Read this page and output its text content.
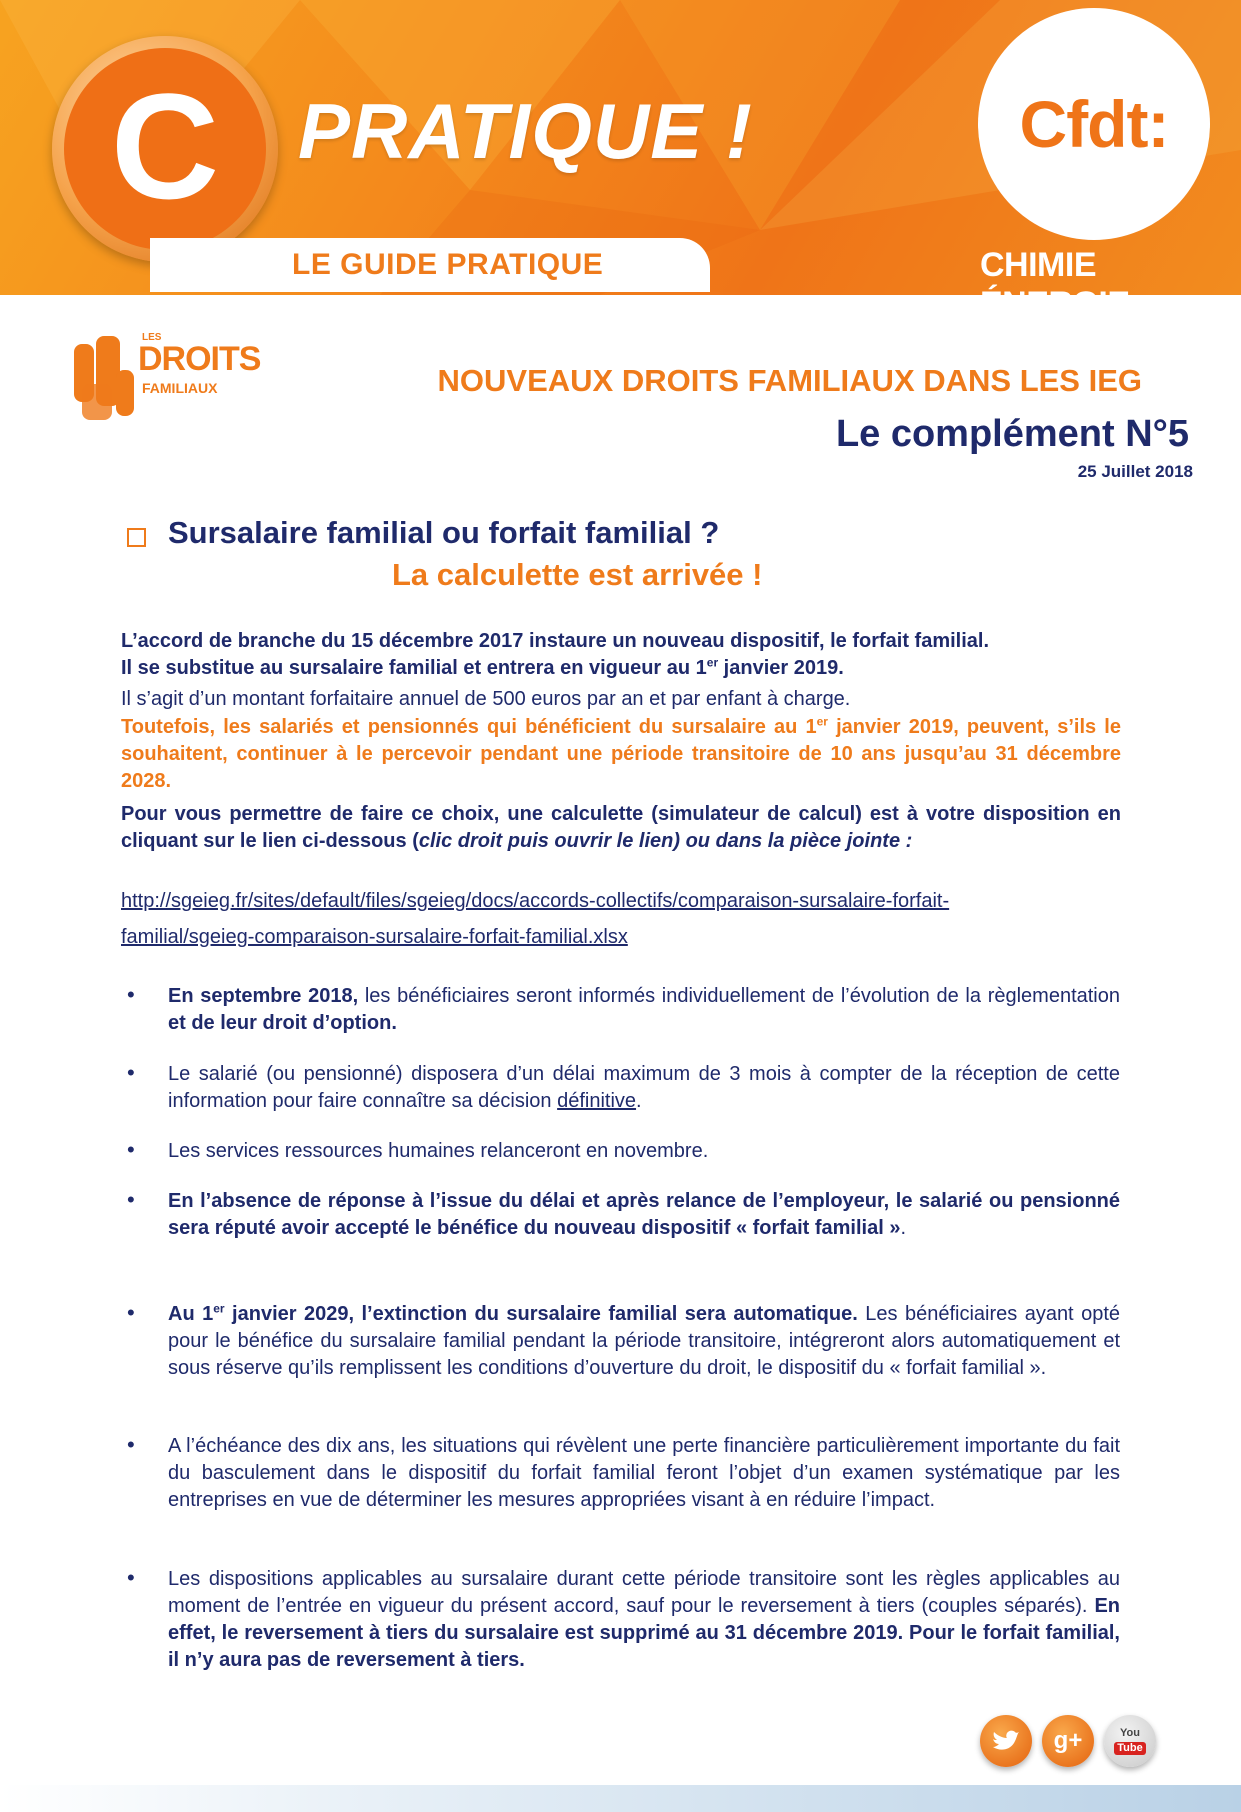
C PRATIQUE !
LE GUIDE PRATIQUE
Cfdt:
CHIMIE ÉNERGIE
LES
DROITS
FAMILIAUX	NOUVEAUX DROITS FAMILIAUX DANS LES IEG
Le complément N°5
25 Juillet 2018
Sursalaire familial ou forfait familial ?
La calculette est arrivée !

L’accord de branche du 15 décembre 2017 instaure un nouveau dispositif, le forfait familial.

Il se substitue au sursalaire familial et entrera en vigueur au 1er janvier 2019.

Il s’agit d’un montant forfaitaire annuel de 500 euros par an et par enfant à charge.

Toutefois, les salariés et pensionnés qui bénéficient du sursalaire au 1er janvier 2019, peuvent, s’ils le souhaitent, continuer à le percevoir pendant une période transitoire de 10 ans jusqu’au 31 décembre 2028.

Pour vous permettre de faire ce choix, une calculette (simulateur de calcul) est à votre disposition en cliquant sur le lien ci-dessous (clic droit puis ouvrir le lien) ou dans la pièce jointe :

http://sgeieg.fr/sites/default/files/sgeieg/docs/accords-collectifs/comparaison-sursalaire-forfait-
familial/sgeieg-comparaison-sursalaire-forfait-familial.xlsx
• En septembre 2018, les bénéficiaires seront informés individuellement de l’évolution de la règlementation et de leur droit d’option.

• Le salarié (ou pensionné) disposera d’un délai maximum de 3 mois à compter de la réception de cette information pour faire connaître sa décision définitive.

• Les services ressources humaines relanceront en novembre.

• En l’absence de réponse à l’issue du délai et après relance de l’employeur, le salarié ou pensionné sera réputé avoir accepté le bénéfice du nouveau dispositif « forfait familial ».

• Au 1er janvier 2029, l’extinction du sursalaire familial sera automatique. Les bénéficiaires ayant opté pour le bénéfice du sursalaire familial pendant la période transitoire, intégreront alors automatiquement et sous réserve qu’ils remplissent les conditions d’ouverture du droit, le dispositif du « forfait familial ».

• A l’échéance des dix ans, les situations qui révèlent une perte financière particulièrement importante du fait du basculement dans le dispositif du forfait familial feront l’objet d’un examen systématique par les entreprises en vue de déterminer les mesures appropriées visant à en réduire l’impact.

• Les dispositions applicables au sursalaire durant cette période transitoire sont les règles applicables au moment de l’entrée en vigueur du présent accord, sauf pour le reversement à tiers (couples séparés). En effet, le reversement à tiers du sursalaire est supprimé au 31 décembre 2019. Pour le forfait familial, il n’y aura pas de reversement à tiers.

g+	You
Tube
